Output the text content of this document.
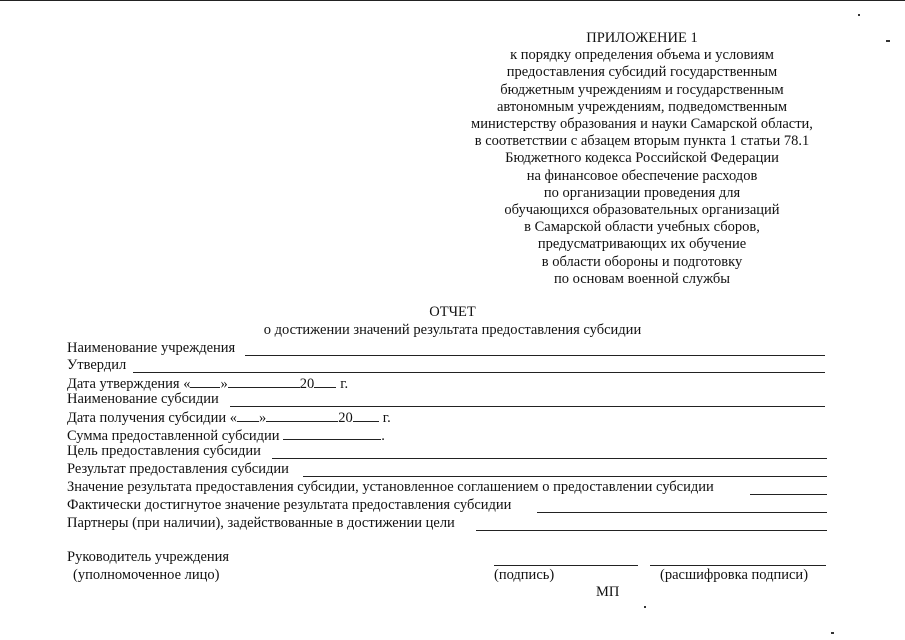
ПРИЛОЖЕНИЕ 1
к порядку определения объема и условиям
предоставления субсидий государственным
бюджетным учреждениям и государственным
автономным учреждениям, подведомственным
министерству образования и науки Самарской области,
в соответствии с абзацем вторым пункта 1 статьи 78.1
Бюджетного кодекса Российской Федерации
на финансовое обеспечение расходов
по организации проведения для
обучающихся образовательных организаций
в Самарской области учебных сборов,
предусматривающих их обучение
в области обороны и подготовку
по основам военной службы
ОТЧЕТ
о достижении значений результата предоставления субсидии
Наименование учреждения
Утвердил
Дата утверждения « »	20 г.
Наименование субсидии
Дата получения субсидии « »	20 г.
Сумма предоставленной субсидии	.
Цель предоставления субсидии
Результат предоставления субсидии
Значение результата предоставления субсидии, установленное соглашением о предоставлении субсидии
Фактически достигнутое значение результата предоставления субсидии
Партнеры (при наличии), задействованные в достижении цели
Руководитель учреждения
(уполномоченное лицо)	(подпись)	(расшифровка подписи)
МП
